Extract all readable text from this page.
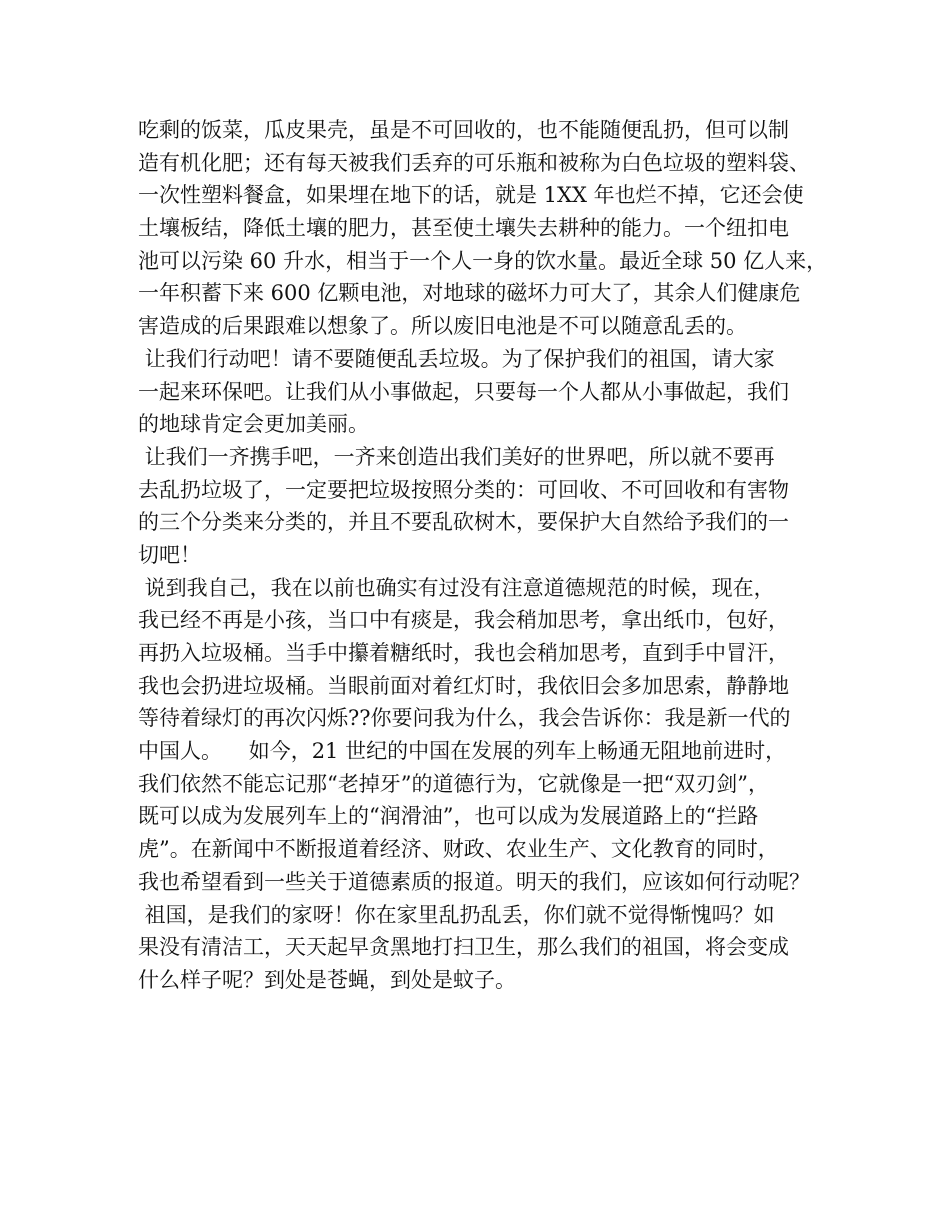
吃剩的饭菜，瓜皮果壳，虽是不可回收的，也不能随便乱扔，但可以制
造有机化肥；还有每天被我们丢弃的可乐瓶和被称为白色垃圾的塑料袋、
一次性塑料餐盒，如果埋在地下的话，就是 1XX 年也烂不掉，它还会使
土壤板结，降低土壤的肥力，甚至使土壤失去耕种的能力。一个纽扣电
池可以污染 60 升水，相当于一个人一身的饮水量。最近全球 50 亿人来，
一年积蓄下来 600 亿颗电池，对地球的磁坏力可大了，其余人们健康危
害造成的后果跟难以想象了。所以废旧电池是不可以随意乱丢的。
让我们行动吧！请不要随便乱丢垃圾。为了保护我们的祖国，请大家
一起来环保吧。让我们从小事做起，只要每一个人都从小事做起，我们
的地球肯定会更加美丽。
让我们一齐携手吧，一齐来创造出我们美好的世界吧，所以就不要再
去乱扔垃圾了，一定要把垃圾按照分类的：可回收、不可回收和有害物
的三个分类来分类的，并且不要乱砍树木，要保护大自然给予我们的一
切吧！
说到我自己，我在以前也确实有过没有注意道德规范的时候，现在，
我已经不再是小孩，当口中有痰是，我会稍加思考，拿出纸巾，包好，
再扔入垃圾桶。当手中攥着糖纸时，我也会稍加思考，直到手中冒汗，
我也会扔进垃圾桶。当眼前面对着红灯时，我依旧会多加思索，静静地
等待着绿灯的再次闪烁??你要问我为什么，我会告诉你：我是新一代的
中国人。    如今，21 世纪的中国在发展的列车上畅通无阻地前进时，
我们依然不能忘记那“老掉牙”的道德行为，它就像是一把“双刃剑”，
既可以成为发展列车上的“润滑油”，也可以成为发展道路上的“拦路
虎”。在新闻中不断报道着经济、财政、农业生产、文化教育的同时，
我也希望看到一些关于道德素质的报道。明天的我们，应该如何行动呢？
祖国，是我们的家呀！你在家里乱扔乱丢，你们就不觉得惭愧吗？如
果没有清洁工，天天起早贪黑地打扫卫生，那么我们的祖国，将会变成
什么样子呢？到处是苍蝇，到处是蚊子。
